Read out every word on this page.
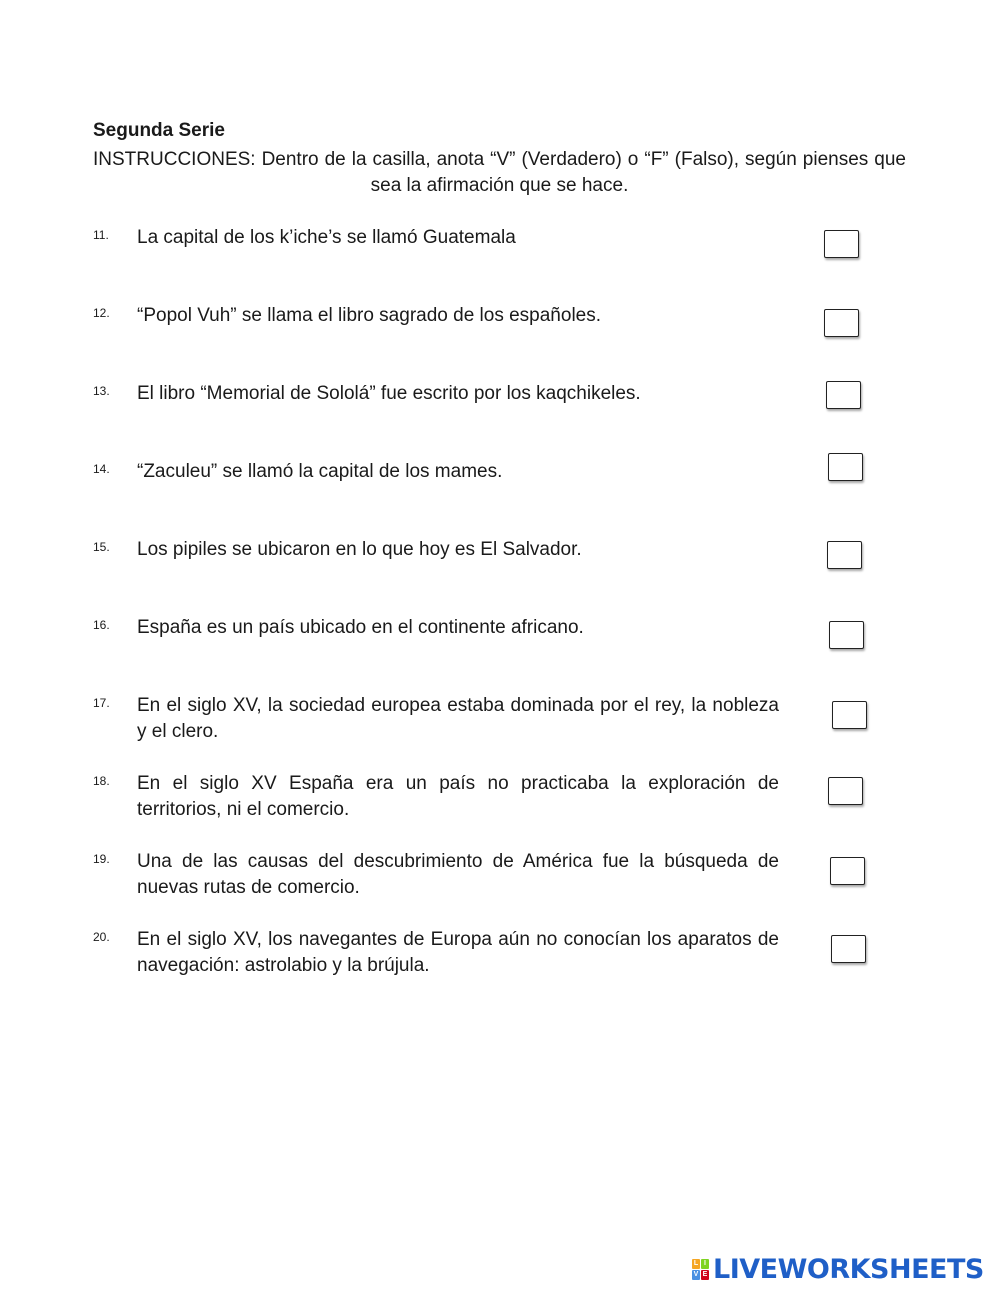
Segunda Serie
INSTRUCCIONES: Dentro de la casilla, anota “V” (Verdadero) o “F” (Falso), según pienses que sea la afirmación que se hace.
11. La capital de los k’iche’s se llamó Guatemala
12. “Popol Vuh” se llama el libro sagrado de los españoles.
13. El libro “Memorial de Sololá” fue escrito por los kaqchikeles.
14. “Zaculeu” se llamó la capital de los mames.
15. Los pipiles se ubicaron en lo que hoy es El Salvador.
16. España es un país ubicado en el continente africano.
17. En el siglo XV, la sociedad europea estaba dominada por el rey, la nobleza y el clero.
18. En el siglo XV España era un país no practicaba la exploración de territorios, ni el comercio.
19. Una de las causas del descubrimiento de América fue la búsqueda de nuevas rutas de comercio.
20. En el siglo XV, los navegantes de Europa aún no conocían los aparatos de navegación: astrolabio y la brújula.
L I
V E LIVEWORKSHEETS
